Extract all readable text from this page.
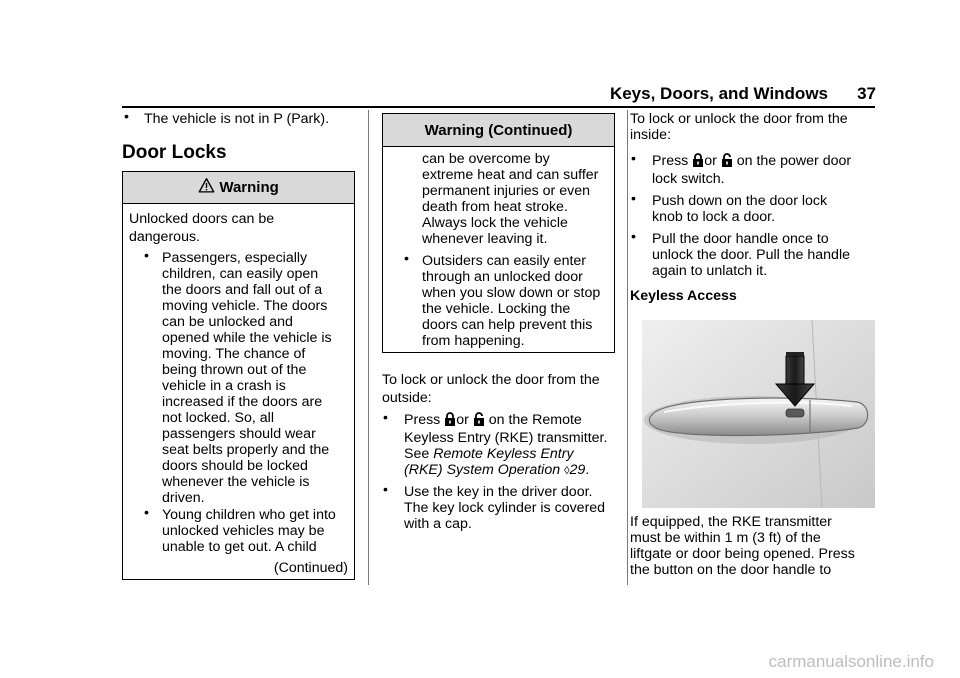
Keys, Doors, and Windows 37
• The vehicle is not in P (Park).
Door Locks
Warning
Unlocked doors can be
dangerous.
• Passengers, especially
children, can easily open
the doors and fall out of a
moving vehicle. The doors
can be unlocked and
opened while the vehicle is
moving. The chance of
being thrown out of the
vehicle in a crash is
increased if the doors are
not locked. So, all
passengers should wear
seat belts properly and the
doors should be locked
whenever the vehicle is
driven.
• Young children who get into
unlocked vehicles may be
unable to get out. A child
(Continued)
Warning (Continued)
can be overcome by
extreme heat and can suffer
permanent injuries or even
death from heat stroke.
Always lock the vehicle
whenever leaving it.
• Outsiders can easily enter
through an unlocked door
when you slow down or stop
the vehicle. Locking the
doors can help prevent this
from happening.
To lock or unlock the door from the
outside:
• Press or on the Remote
Keyless Entry (RKE) transmitter.
See Remote Keyless Entry
(RKE) System Operation ◊29.
• Use the key in the driver door.
The key lock cylinder is covered
with a cap.
To lock or unlock the door from the
inside:
• Press or on the power door
lock switch.
• Push down on the door lock
knob to lock a door.
• Pull the door handle once to
unlock the door. Pull the handle
again to unlatch it.
Keyless Access
If equipped, the RKE transmitter
must be within 1 m (3 ft) of the
liftgate or door being opened. Press
the button on the door handle to
carmanualsonline.info
